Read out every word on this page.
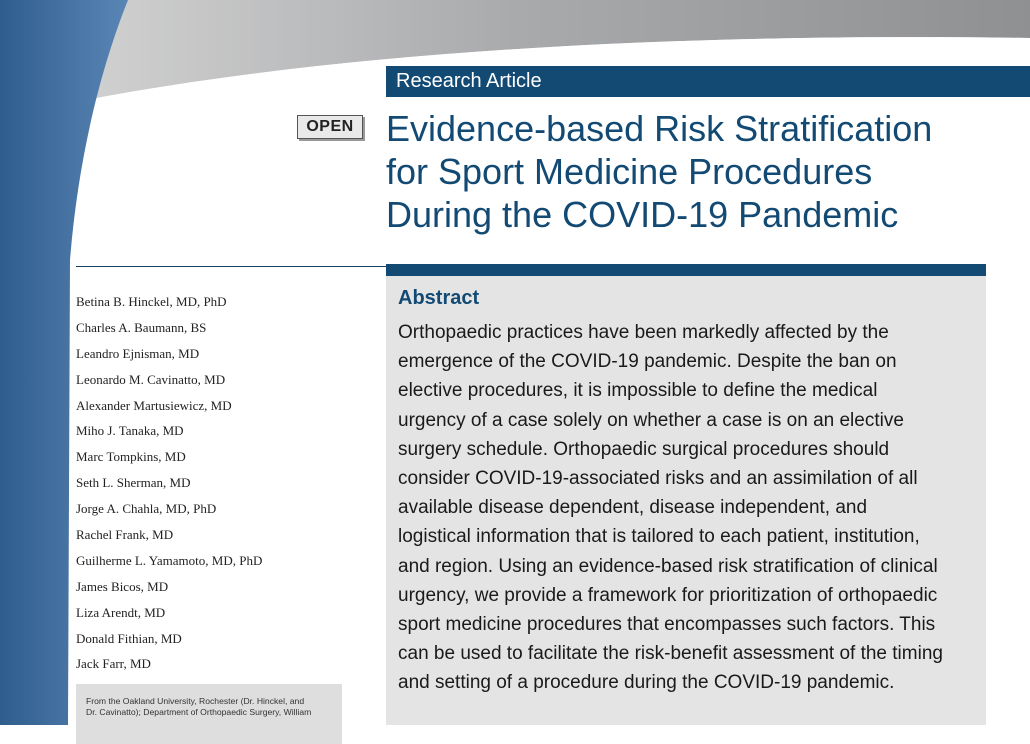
Research Article
OPEN Evidence-based Risk Stratification
for Sport Medicine Procedures
During the COVID-19 Pandemic
Abstract

Orthopaedic practices have been markedly affected by the
emergence of the COVID-19 pandemic. Despite the ban on
elective procedures, it is impossible to define the medical
urgency of a case solely on whether a case is on an elective
surgery schedule. Orthopaedic surgical procedures should
consider COVID-19-associated risks and an assimilation of all
available disease dependent, disease independent, and
logistical information that is tailored to each patient, institution,
and region. Using an evidence-based risk stratification of clinical
urgency, we provide a framework for prioritization of orthopaedic
sport medicine procedures that encompasses such factors. This
can be used to facilitate the risk-benefit assessment of the timing
and setting of a procedure during the COVID-19 pandemic.

Betina B. Hinckel, MD, PhD
Charles A. Baumann, BS
Leandro Ejnisman, MD
Leonardo M. Cavinatto, MD
Alexander Martusiewicz, MD
Miho J. Tanaka, MD
Marc Tompkins, MD
Seth L. Sherman, MD
Jorge A. Chahla, MD, PhD
Rachel Frank, MD
Guilherme L. Yamamoto, MD, PhD
James Bicos, MD
Liza Arendt, MD
Donald Fithian, MD
Jack Farr, MD
From the Oakland University, Rochester (Dr. Hinckel, and
Dr. Cavinatto); Department of Orthopaedic Surgery, William
